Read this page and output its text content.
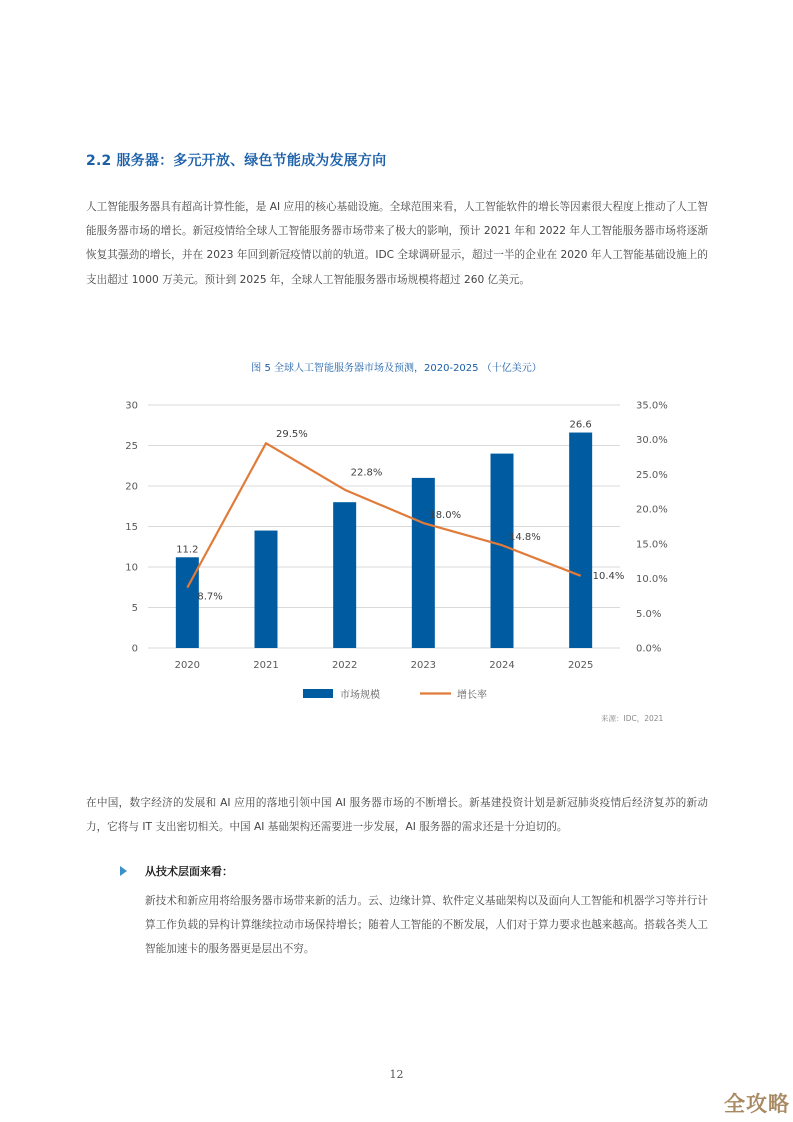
2.2 服务器：多元开放、绿色节能成为发展方向
人工智能服务器具有超高计算性能，是 AI 应用的核心基础设施。全球范围来看，人工智能软件的增长等因素很大程度上推动了人工智能服务器市场的增长。新冠疫情给全球人工智能服务器市场带来了极大的影响，预计 2021 年和 2022 年人工智能服务器市场将逐渐恢复其强劲的增长，并在 2023 年回到新冠疫情以前的轨道。IDC 全球调研显示，超过一半的企业在 2020 年人工智能基础设施上的支出超过 1000 万美元。预计到 2025 年，全球人工智能服务器市场规模将超过 260 亿美元。
图 5 全球人工智能服务器市场及预测，2020-2025 （十亿美元）
0
5
10
15
20
25
30
0.0%
5.0%
10.0%
15.0%
20.0%
25.0%
30.0%
35.0%
11.2
26.6
2020	2021	2022	2023	2024	2025
8.7%
29.5%
22.8%
18.0%
14.8%
10.4%
市场规模	增长率
来源：IDC，2021
在中国，数字经济的发展和 AI 应用的落地引领中国 AI 服务器市场的不断增长。新基建投资计划是新冠肺炎疫情后经济复苏的新动力，它将与 IT 支出密切相关。中国 AI 基础架构还需要进一步发展，AI 服务器的需求还是十分迫切的。
从技术层面来看：
新技术和新应用将给服务器市场带来新的活力。云、边缘计算、软件定义基础架构以及面向人工智能和机器学习等并行计算工作负载的异构计算继续拉动市场保持增长；随着人工智能的不断发展，人们对于算力要求也越来越高。搭载各类人工智能加速卡的服务器更是层出不穷。
12
全攻略
